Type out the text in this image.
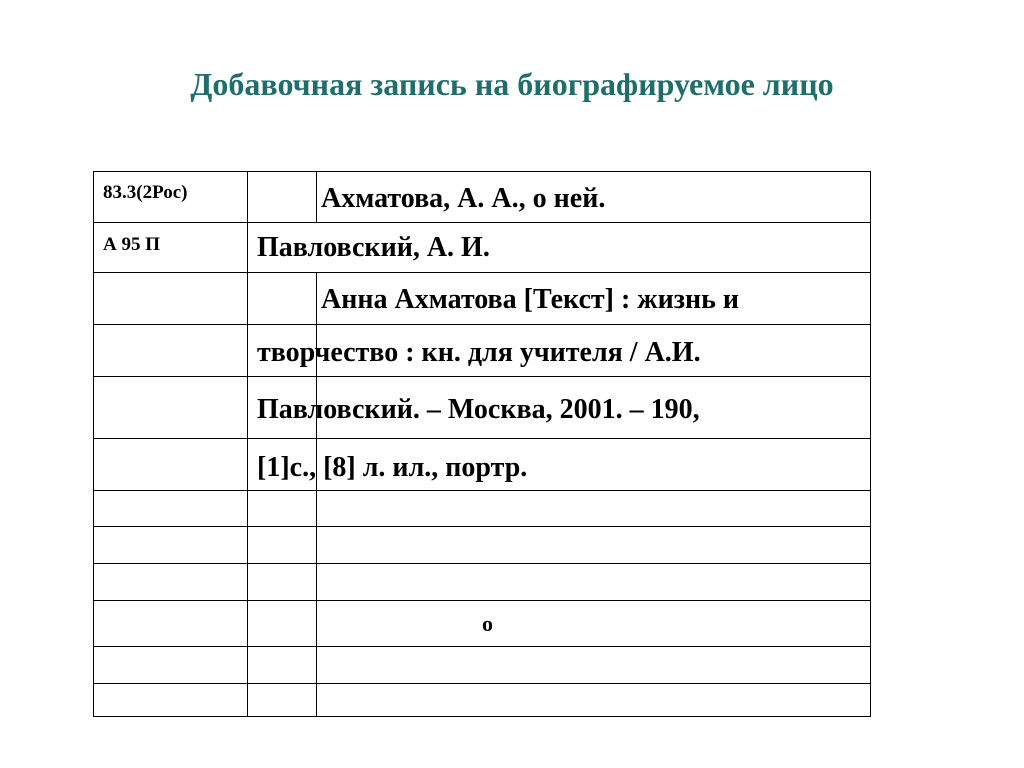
Добавочная запись на биографируемое лицо
83.3(2Рос)
А 95 П
Ахматова, А. А., о ней.
Павловский, А. И.
Анна Ахматова [Текст] : жизнь и
творчество : кн. для учителя / А.И.
Павловский. – Москва, 2001. – 190,
[1]с., [8] л. ил., портр.
о
